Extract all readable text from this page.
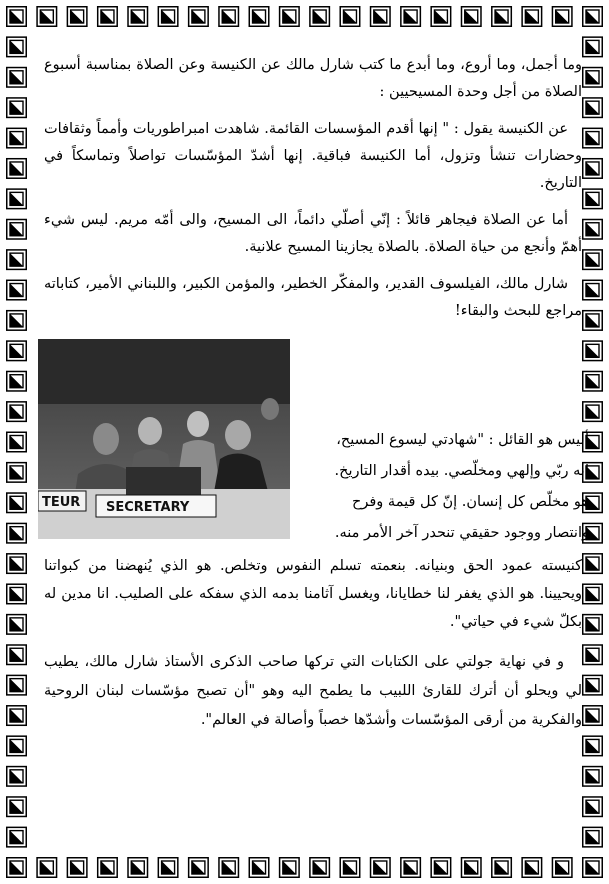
وما أجمل، وما أروع، وما أبدع ما كتب شارل مالك عن الكنيسة وعن الصلاة بمناسبة أسبوع الصلاة من أجل وحدة المسيحيين :

عن الكنيسة يقول : " إنها أقدم المؤسسات القائمة. شاهدت امبراطوريات وأمماً وثقافات وحضارات تنشأ وتزول، أما الكنيسة فباقية. إنها أشدّ المؤسّسات تواصلاً وتماسكاً في التاريخ.

أما عن الصلاة فيجاهر قائلاً : إنّي أصلّي دائماً، الى المسيح، والى أمّه مريم. ليس شيء أهمّ وأنجع من حياة الصلاة. بالصلاة يجازينا المسيح علانية.

شارل مالك، الفيلسوف القدير، والمفكّر الخطير، والمؤمن الكبير، واللبناني الأمير، كتاباته مراجع للبحث والبقاء!

TEUR SECRETARY

أليس هو القائل : "شهادتي ليسوع المسيح،

إنه ربّي وإلهي ومخلّصي. بيده أقدار التاريخ.

هو مخلّص كل إنسان. إنّ كل قيمة وفرح

وانتصار ووجود حقيقي تنحدر آخر الأمر منه.

كنيسته عمود الحق وبنيانه. بنعمته تسلم النفوس وتخلص. هو الذي يُنهضنا من كبواتنا ويحيينا. هو الذي يغفر لنا خطايانا، ويغسل آثامنا بدمه الذي سفكه على الصليب. انا مدين له بكلّ شيء في حياتي".

و في نهاية جولتي على الكتابات التي تركها صاحب الذكرى الأستاذ شارل مالك، يطيب لي ويحلو أن أترك للقارئ اللبيب ما يطمح اليه وهو "أن تصبح مؤسّسات لبنان الروحية والفكرية من أرقى المؤسّسات وأشدّها خصباً وأصالة في العالم".
